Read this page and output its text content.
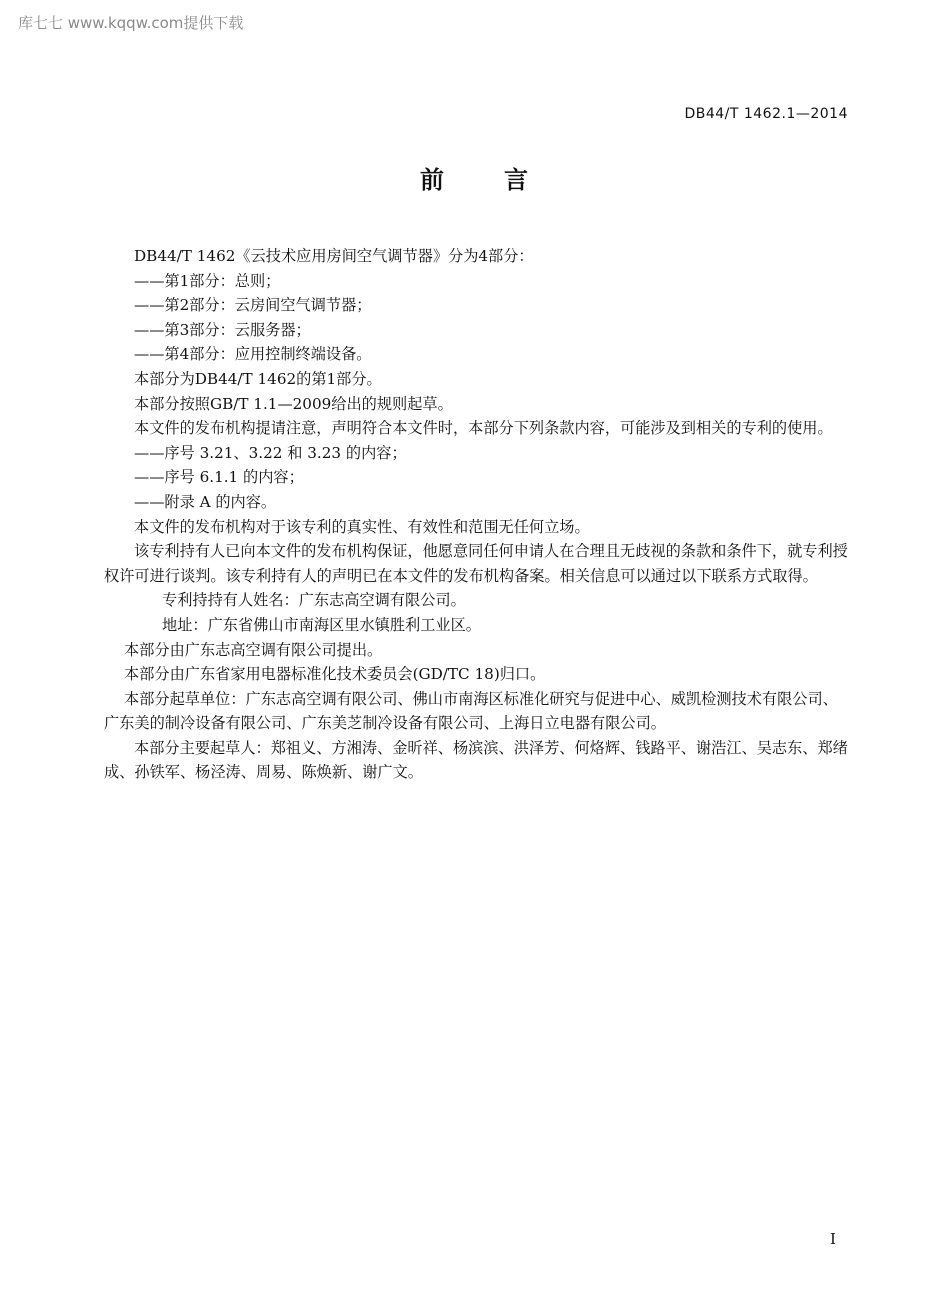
库七七 www.kqqw.com提供下载
DB44/T 1462.1—2014
前 言

DB44/T 1462《云技术应用房间空气调节器》分为4部分：

——第1部分：总则；

——第2部分：云房间空气调节器；

——第3部分：云服务器；

——第4部分：应用控制终端设备。

本部分为DB44/T 1462的第1部分。

本部分按照GB/T 1.1—2009给出的规则起草。

本文件的发布机构提请注意，声明符合本文件时，本部分下列条款内容，可能涉及到相关的专利的使用。

——序号 3.21、3.22 和 3.23 的内容；

——序号 6.1.1 的内容；

——附录 A 的内容。

本文件的发布机构对于该专利的真实性、有效性和范围无任何立场。

该专利持有人已向本文件的发布机构保证，他愿意同任何申请人在合理且无歧视的条款和条件下，就专利授权许可进行谈判。该专利持有人的声明已在本文件的发布机构备案。相关信息可以通过以下联系方式取得。

专利持持有人姓名：广东志高空调有限公司。

地址：广东省佛山市南海区里水镇胜利工业区。

本部分由广东志高空调有限公司提出。

本部分由广东省家用电器标准化技术委员会(GD/TC 18)归口。

本部分起草单位：广东志高空调有限公司、佛山市南海区标准化研究与促进中心、威凯检测技术有限公司、广东美的制冷设备有限公司、广东美芝制冷设备有限公司、上海日立电器有限公司。

本部分主要起草人：郑祖义、方湘涛、金昕祥、杨滨滨、洪泽芳、何烙辉、钱路平、谢浩江、吴志东、郑绪成、孙铁军、杨泾涛、周易、陈焕新、谢广文。

I
